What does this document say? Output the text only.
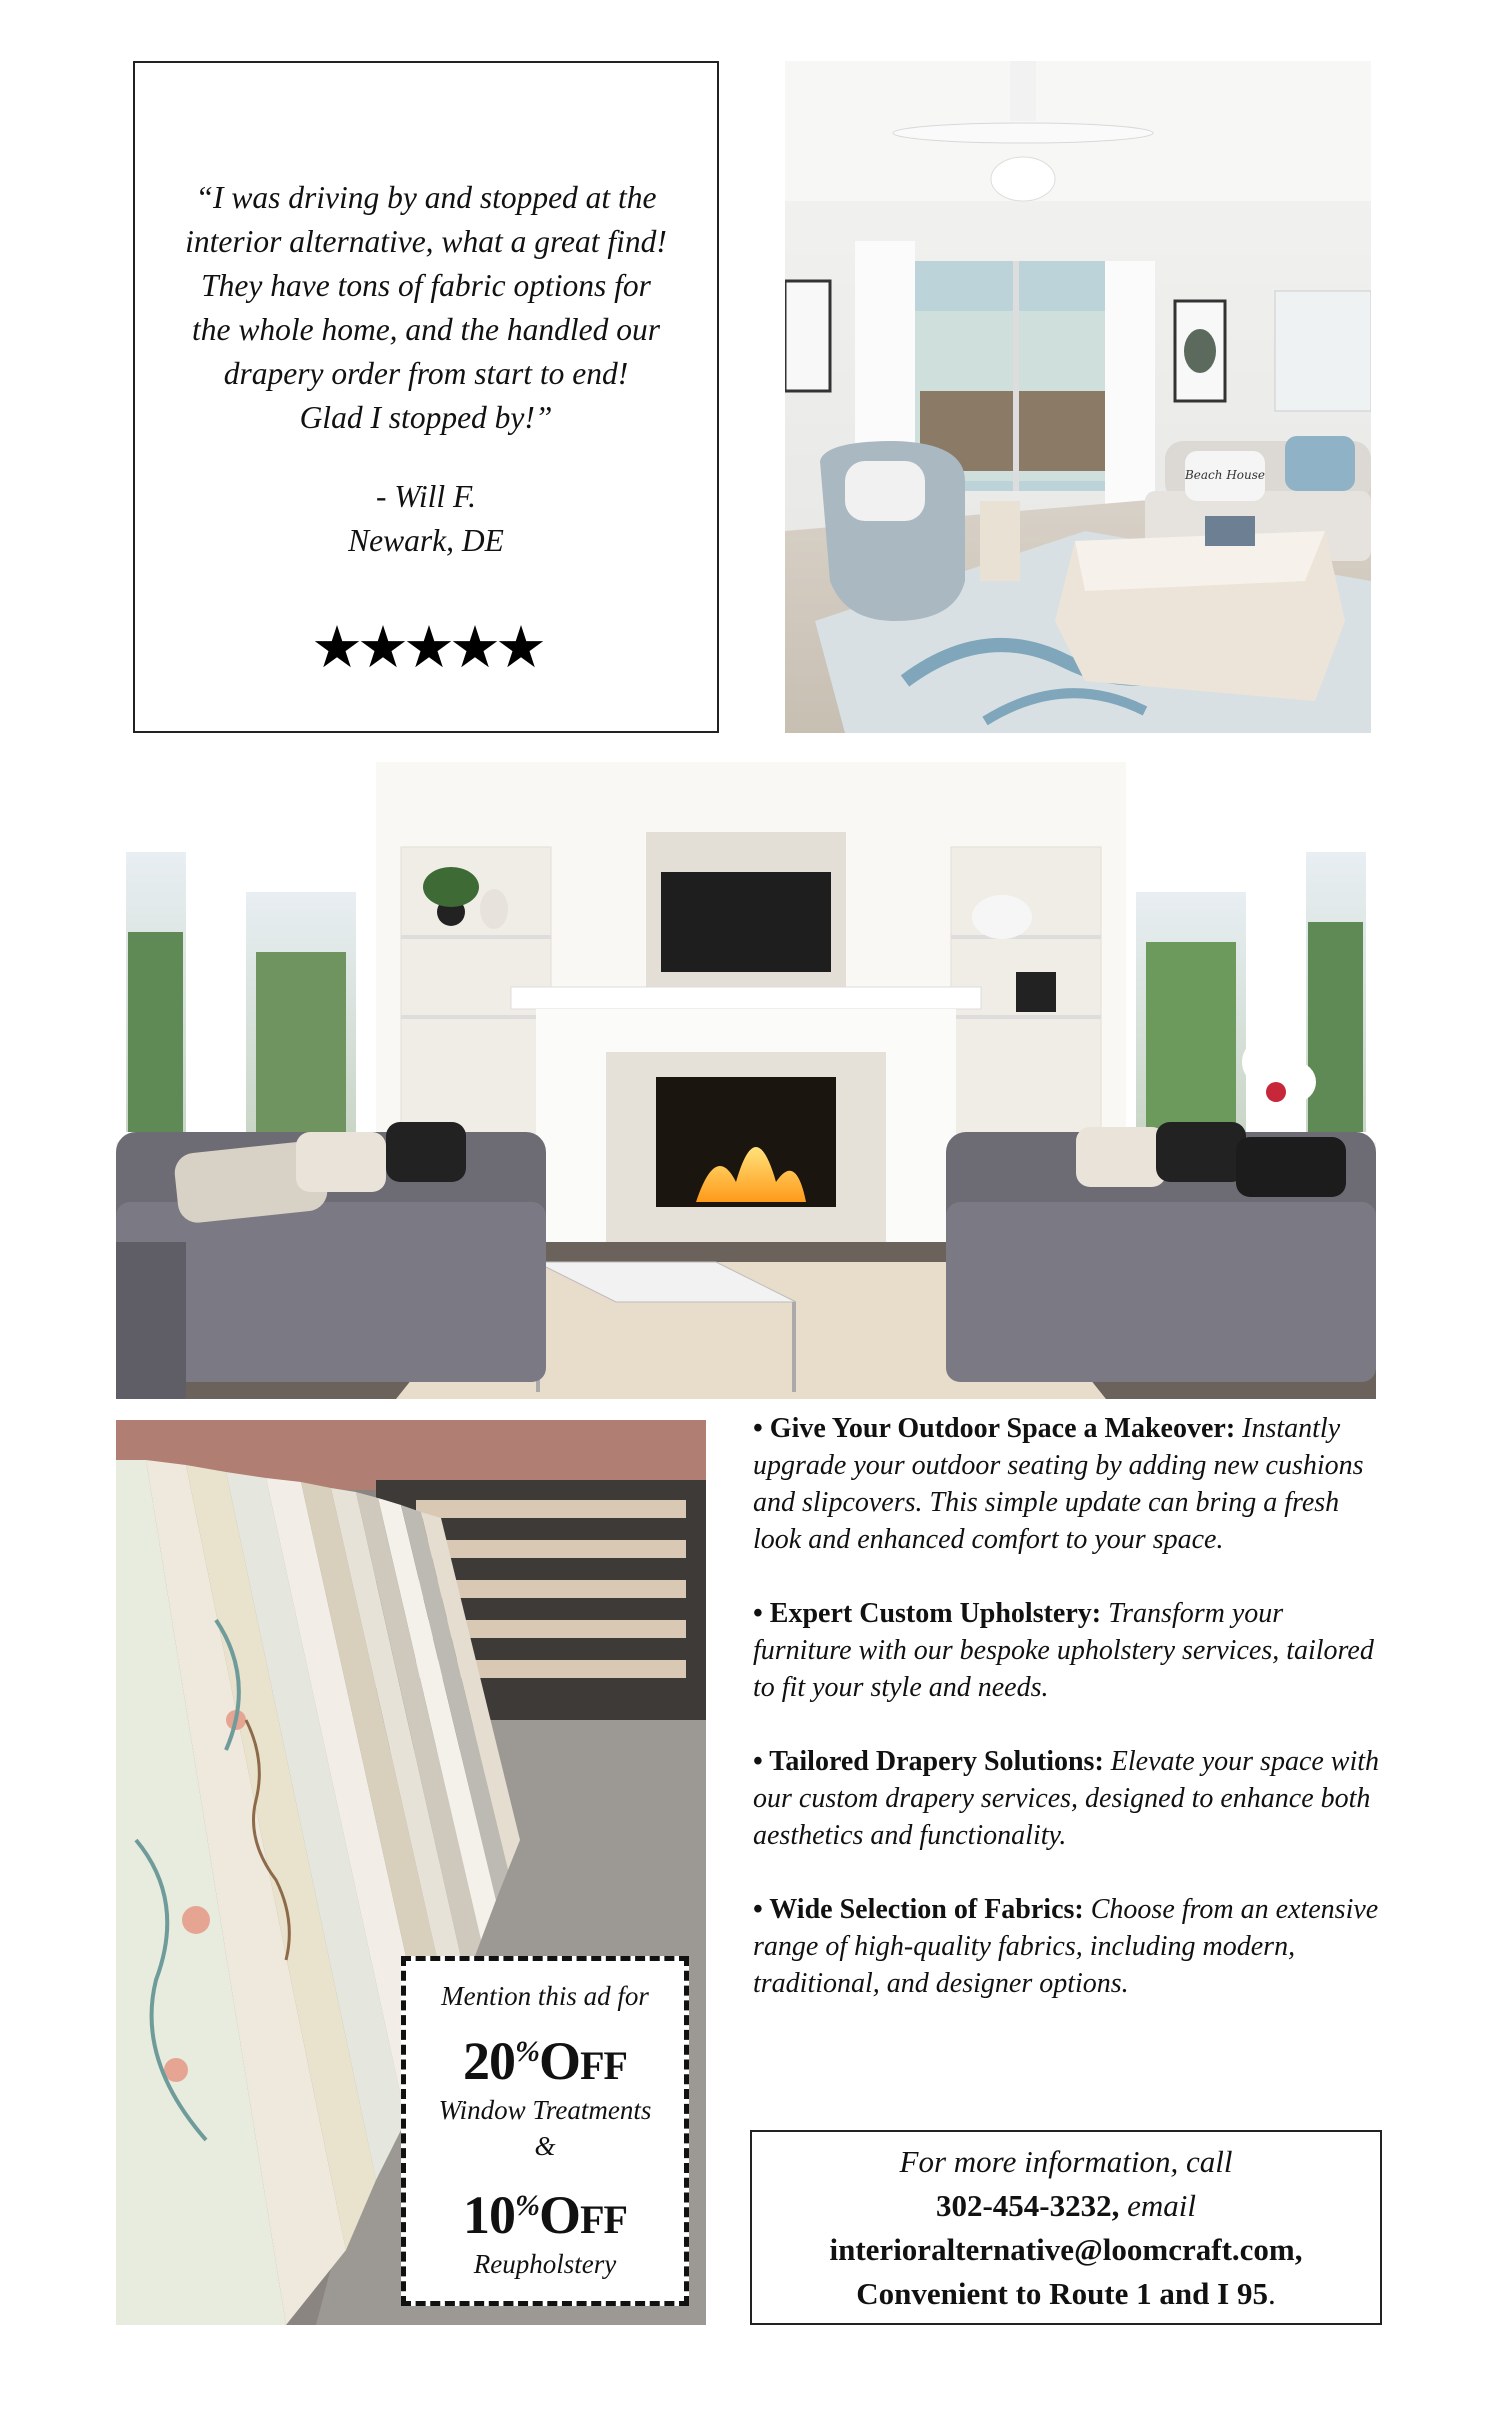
“I was driving by and stopped at the
interior alternative, what a great find!
They have tons of fabric options for
the whole home, and the handled our
drapery order from start to end!
Glad I stopped by!”
- Will F.
Newark, DE
★★★★★
Beach House
Mention this ad for
20%OFF
Window Treatments
&
10%OFF
Reupholstery
• Give Your Outdoor Space a Makeover: Instantly upgrade your outdoor seating by adding new cushions and slipcovers. This simple update can bring a fresh look and enhanced comfort to your space.
• Expert Custom Upholstery: Transform your furniture with our bespoke upholstery services, tailored to fit your style and needs.
• Tailored Drapery Solutions: Elevate your space with our custom drapery services, designed to enhance both aesthetics and functionality.
• Wide Selection of Fabrics: Choose from an extensive range of high-quality fabrics, including modern, traditional, and designer options.
For more information, call
302-454-3232, email
interioralternative@loomcraft.com,
Convenient to Route 1 and I 95.
